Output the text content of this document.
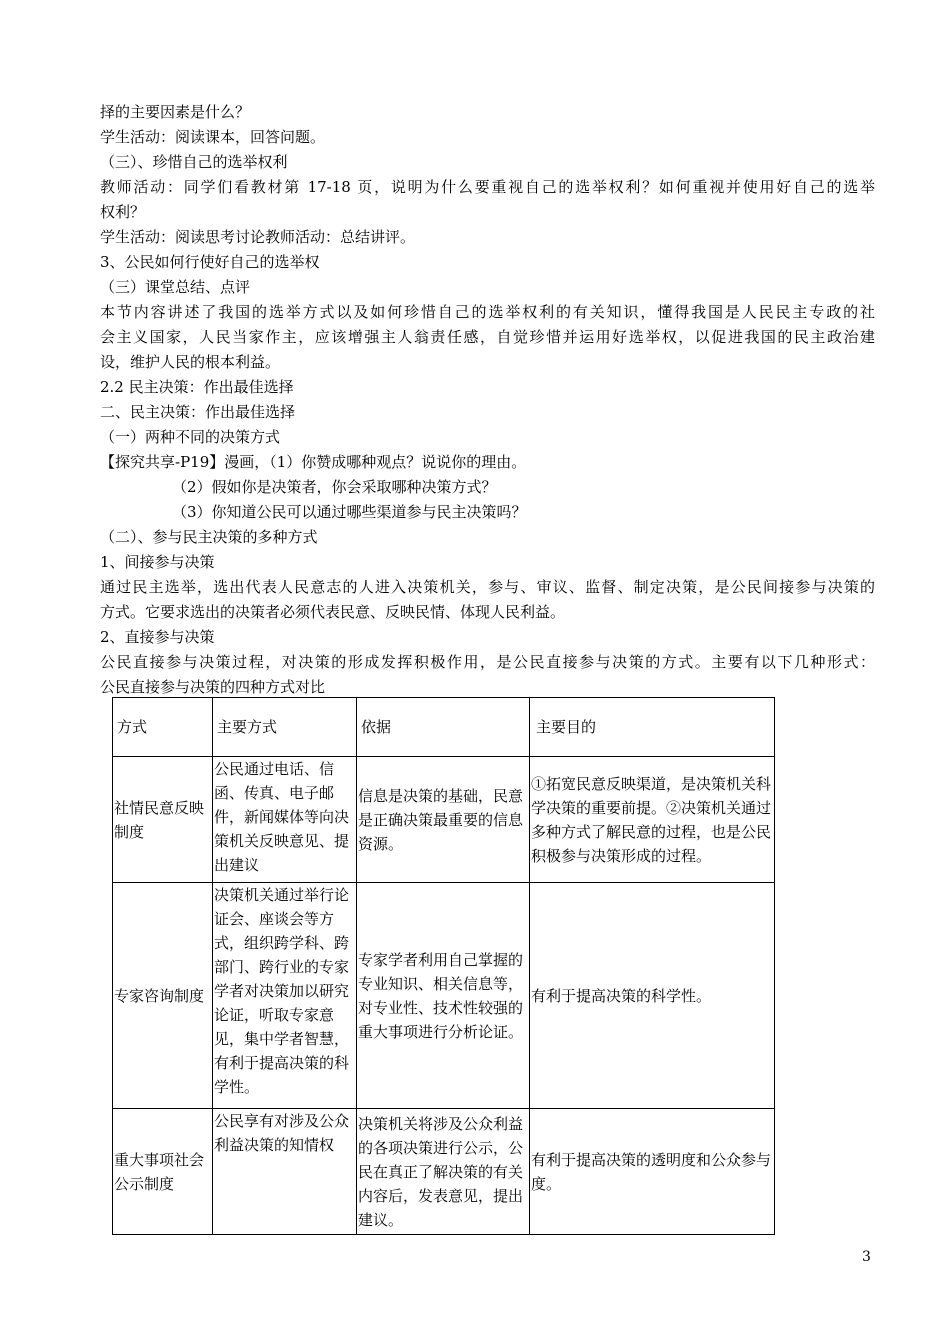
择的主要因素是什么？
学生活动：阅读课本，回答问题。
（三）、珍惜自己的选举权利
教师活动：同学们看教材第 17-18 页，说明为什么要重视自己的选举权利？如何重视并使用好自己的选举
权利？
学生活动：阅读思考讨论教师活动：总结讲评。
3、公民如何行使好自己的选举权
（三）课堂总结、点评
本节内容讲述了我国的选举方式以及如何珍惜自己的选举权利的有关知识，懂得我国是人民民主专政的社
会主义国家，人民当家作主，应该增强主人翁责任感，自觉珍惜并运用好选举权，以促进我国的民主政治建
设，维护人民的根本利益。
2.2 民主决策：作出最佳选择
二、民主决策：作出最佳选择
（一）两种不同的决策方式
【探究共享-P19】漫画，（1）你赞成哪种观点？说说你的理由。
（2）假如你是决策者，你会采取哪种决策方式？
（3）你知道公民可以通过哪些渠道参与民主决策吗？
（二）、参与民主决策的多种方式
1、间接参与决策
通过民主选举，选出代表人民意志的人进入决策机关，参与、审议、监督、制定决策，是公民间接参与决策的
方式。它要求选出的决策者必须代表民意、反映民情、体现人民利益。
2、直接参与决策
公民直接参与决策过程，对决策的形成发挥积极作用，是公民直接参与决策的方式。主要有以下几种形式：
公民直接参与决策的四种方式对比
方式	主要方式	依据	主要目的
社情民意反映制度	公民通过电话、信函、传真、电子邮件，新闻媒体等向决策机关反映意见、提出建议	信息是决策的基础，民意是正确决策最重要的信息资源。	①拓宽民意反映渠道，是决策机关科学决策的重要前提。②决策机关通过多种方式了解民意的过程，也是公民积极参与决策形成的过程。
专家咨询制度	决策机关通过举行论证会、座谈会等方式，组织跨学科、跨部门、跨行业的专家学者对决策加以研究论证，听取专家意见，集中学者智慧，有利于提高决策的科学性。	专家学者利用自己掌握的专业知识、相关信息等，对专业性、技术性较强的重大事项进行分析论证。	有利于提高决策的科学性。
重大事项社会公示制度	公民享有对涉及公众利益决策的知情权	决策机关将涉及公众利益的各项决策进行公示，公民在真正了解决策的有关内容后，发表意见，提出建议。	有利于提高决策的透明度和公众参与度。
3
